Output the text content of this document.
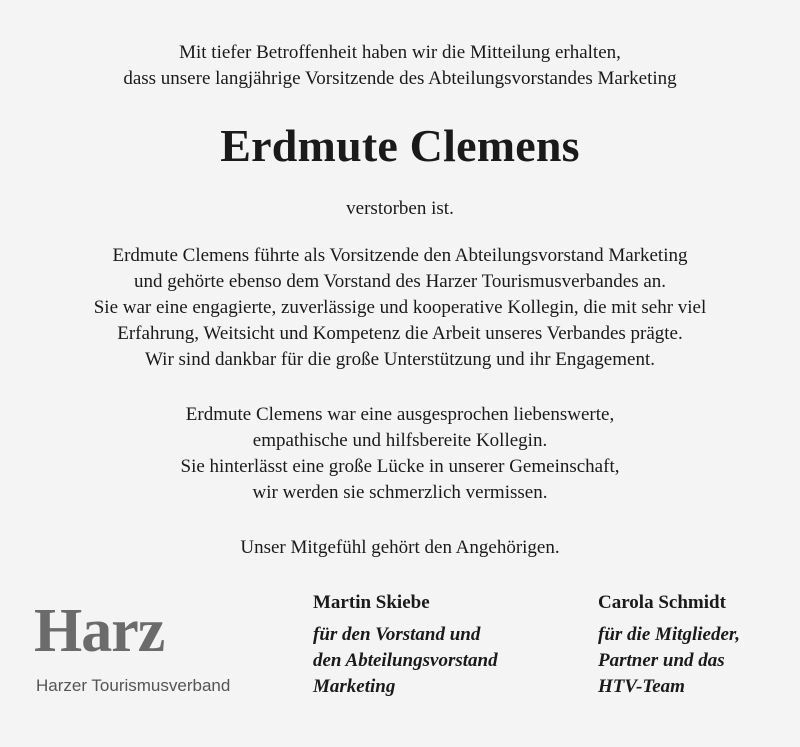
Mit tiefer Betroffenheit haben wir die Mitteilung erhalten,
dass unsere langjährige Vorsitzende des Abteilungsvorstandes Marketing
Erdmute Clemens
verstorben ist.
Erdmute Clemens führte als Vorsitzende den Abteilungsvorstand Marketing
und gehörte ebenso dem Vorstand des Harzer Tourismusverbandes an.
Sie war eine engagierte, zuverlässige und kooperative Kollegin, die mit sehr viel
Erfahrung, Weitsicht und Kompetenz die Arbeit unseres Verbandes prägte.
Wir sind dankbar für die große Unterstützung und ihr Engagement.
Erdmute Clemens war eine ausgesprochen liebenswerte,
empathische und hilfsbereite Kollegin.
Sie hinterlässt eine große Lücke in unserer Gemeinschaft,
wir werden sie schmerzlich vermissen.
Unser Mitgefühl gehört den Angehörigen.
Harz
Harzer Tourismusverband
Martin Skiebe
für den Vorstand und
den Abteilungsvorstand
Marketing
Carola Schmidt
für die Mitglieder,
Partner und das
HTV-Team
